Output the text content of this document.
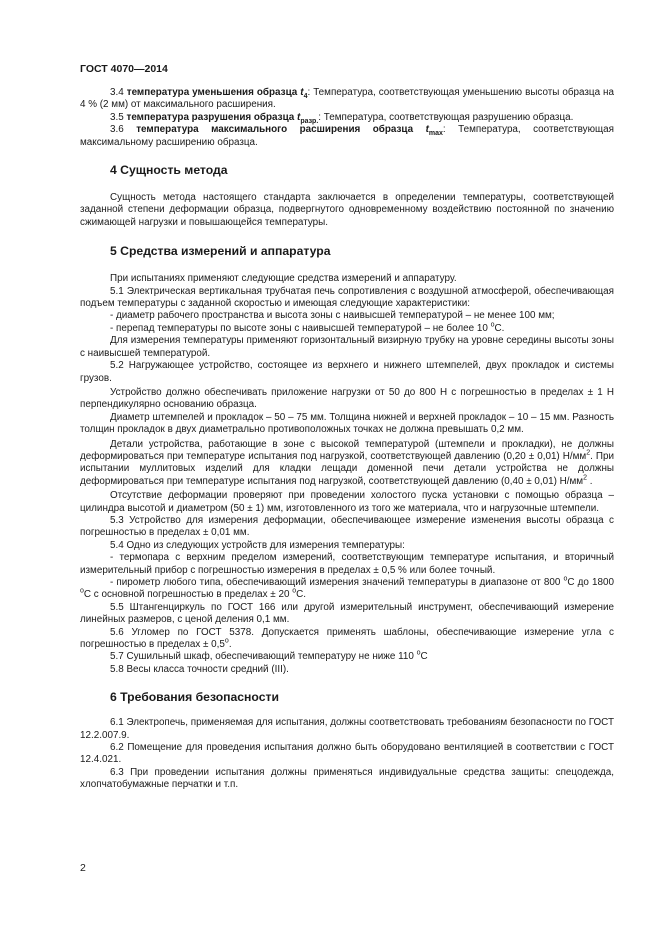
ГОСТ 4070—2014

3.4 температура уменьшения образца $t_4$: Температура, соответствующая уменьшению высоты образца на 4 % (2 мм) от максимального расширения.

3.5 температура разрушения образца $t_{разр.}$: Температура, соответствующая разрушению образца.

3.6 температура максимального расширения образца $t_{max}$: Температура, соответствующая максимальному расширению образца.

4 Сущность метода

Сущность метода настоящего стандарта заключается в определении температуры, соответствующей заданной степени деформации образца, подвергнутого одновременному воздействию постоянной по значению сжимающей нагрузки и повышающейся температуры.

5 Средства измерений и аппаратура

При испытаниях применяют следующие средства измерений и аппаратуру.

5.1 Электрическая вертикальная трубчатая печь сопротивления с воздушной атмосферой, обеспечивающая подъем температуры с заданной скоростью и имеющая следующие характеристики:

- диаметр рабочего пространства и высота зоны с наивысшей температурой – не менее 100 мм;

- перепад температуры по высоте зоны с наивысшей температурой – не более 10 $^o$C.

Для измерения температуры применяют горизонтальный визирную трубку на уровне середины высоты зоны с наивысшей температурой.

5.2 Нагружающее устройство, состоящее из верхнего и нижнего штемпелей, двух прокладок и системы грузов.

Устройство должно обеспечивать приложение нагрузки от 50 до 800 Н с погрешностью в пределах ± 1 Н перпендикулярно основанию образца.

Диаметр штемпелей и прокладок – 50 – 75 мм. Толщина нижней и верхней прокладок – 10 – 15 мм. Разность толщин прокладок в двух диаметрально противоположных точках не должна превышать 0,2 мм.

Детали устройства, работающие в зоне с высокой температурой (штемпели и прокладки), не должны деформироваться при температуре испытания под нагрузкой, соответствующей давлению (0,20 ± 0,01) $Н/мм^2$. При испытании муллитовых изделий для кладки лещади доменной печи детали устройства не должны деформироваться при температуре испытания под нагрузкой, соответствующей давлению (0,40 ± 0,01) $Н/мм^2$ .

Отсутствие деформации проверяют при проведении холостого пуска установки с помощью образца – цилиндра высотой и диаметром (50 ± 1) мм, изготовленного из того же материала, что и нагрузочные штемпели.

5.3 Устройство для измерения деформации, обеспечивающее измерение изменения высоты образца с погрешностью в пределах ± 0,01 мм.

5.4 Одно из следующих устройств для измерения температуры:

- термопара с верхним пределом измерений, соответствующим температуре испытания, и вторичный измерительный прибор с погрешностью измерения в пределах ± 0,5 % или более точный.

- пирометр любого типа, обеспечивающий измерения значений температуры в диапазоне от 800 $^o$С до 1800 $^o$С с основной погрешностью в пределах ± 20 $^o$С.

5.5 Штангенциркуль по ГОСТ 166 или другой измерительный инструмент, обеспечивающий измерение линейных размеров, с ценой деления 0,1 мм.

5.6 Угломер по ГОСТ 5378. Допускается применять шаблоны, обеспечивающие измерение угла с погрешностью в пределах ± $0,5^o$.

5.7 Сушильный шкаф, обеспечивающий температуру не ниже 110 $^o$С

5.8 Весы класса точности средний (III).

6 Требования безопасности

6.1 Электропечь, применяемая для испытания, должны соответствовать требованиям безопасности по ГОСТ 12.2.007.9.

6.2 Помещение для проведения испытания должно быть оборудовано вентиляцией в соответствии с ГОСТ 12.4.021.

6.3 При проведении испытания должны применяться индивидуальные средства защиты: спецодежда, хлопчатобумажные перчатки и т.п.

2
